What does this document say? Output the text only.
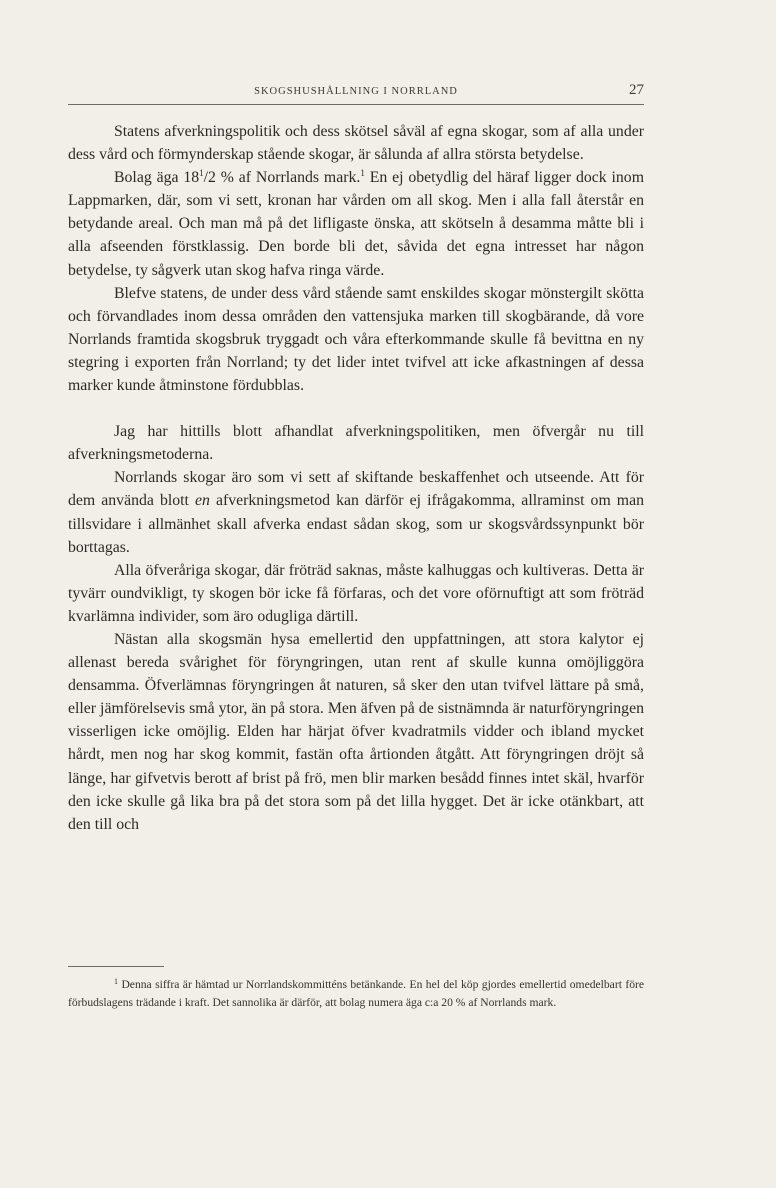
SKOGSHUSHÅLLNING I NORRLAND	27

Statens afverkningspolitik och dess skötsel såväl af egna skogar, som af alla under dess vård och förmynderskap stående skogar, är sålunda af allra största betydelse.

Bolag äga $18^1/2$ % af Norrlands mark.$^1$ En ej obetydlig del häraf ligger dock inom Lappmarken, där, som vi sett, kronan har vården om all skog. Men i alla fall återstår en betydande areal. Och man må på det lifligaste önska, att skötseln å desamma måtte bli i alla afseenden förstklassig. Den borde bli det, såvida det egna intresset har någon betydelse, ty sågverk utan skog hafva ringa värde.

Blefve statens, de under dess vård stående samt enskildes skogar mönstergilt skötta och förvandlades inom dessa områden den vattensjuka marken till skogbärande, då vore Norrlands framtida skogsbruk tryggadt och våra efterkommande skulle få bevittna en ny stegring i exporten från Norrland; ty det lider intet tvifvel att icke afkastningen af dessa marker kunde åtminstone fördubblas.

Jag har hittills blott afhandlat afverkningspolitiken, men öfvergår nu till afverkningsmetoderna.

Norrlands skogar äro som vi sett af skiftande beskaffenhet och utseende. Att för dem använda blott en afverkningsmetod kan därför ej ifrågakomma, allraminst om man tillsvidare i allmänhet skall afverka endast sådan skog, som ur skogsvårdssynpunkt bör borttagas.

Alla öfveråriga skogar, där fröträd saknas, måste kalhuggas och kultiveras. Detta är tyvärr oundvikligt, ty skogen bör icke få förfaras, och det vore oförnuftigt att som fröträd kvarlämna individer, som äro odugliga därtill.

Nästan alla skogsmän hysa emellertid den uppfattningen, att stora kalytor ej allenast bereda svårighet för föryngringen, utan rent af skulle kunna omöjliggöra densamma. Öfverlämnas föryngringen åt naturen, så sker den utan tvifvel lättare på små, eller jämförelsevis små ytor, än på stora. Men äfven på de sistnämnda är naturföryngringen visserligen icke omöjlig. Elden har härjat öfver kvadratmils vidder och ibland mycket hårdt, men nog har skog kommit, fastän ofta årtionden åtgått. Att föryngringen dröjt så länge, har gifvetvis berott af brist på frö, men blir marken besådd finnes intet skäl, hvarför den icke skulle gå lika bra på det stora som på det lilla hygget. Det är icke otänkbart, att den till och

$^1$ Denna siffra är hämtad ur Norrlandskommitténs betänkande. En hel del köp gjordes emellertid omedelbart före förbudslagens trädande i kraft. Det sannolika är därför, att bolag numera äga c:a 20 % af Norrlands mark.
